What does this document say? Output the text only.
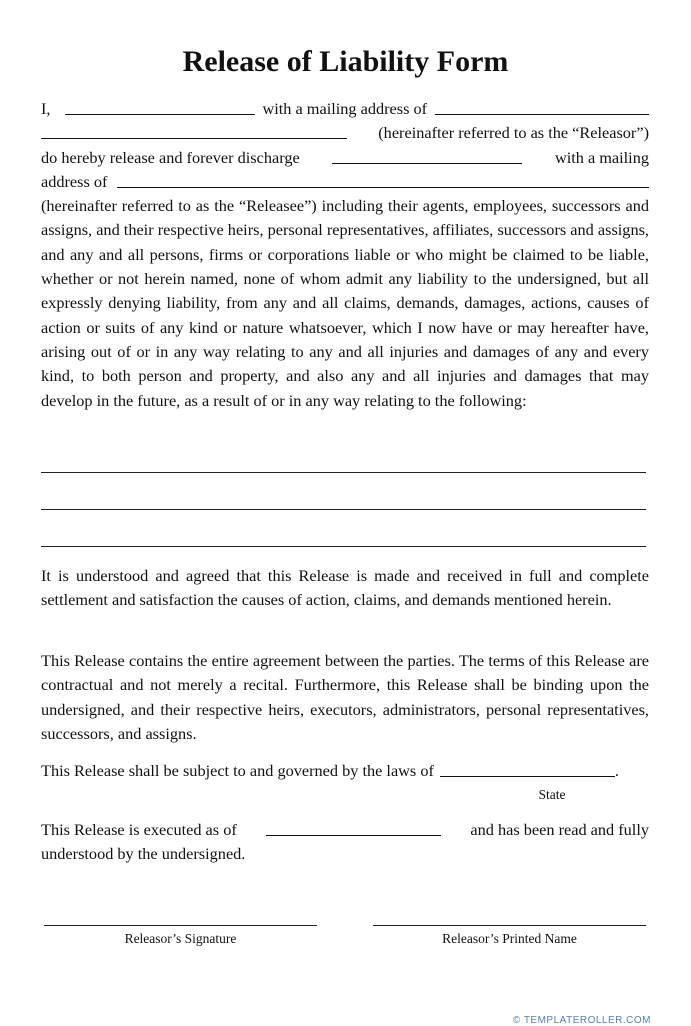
Release of Liability Form
I,	with a mailing address of
(hereinafter referred to as the “Releasor”)
do hereby release and forever discharge	with a mailing
address of
(hereinafter referred to as the “Releasee”) including their agents, employees, successors and assigns, and their respective heirs, personal representatives, affiliates, successors and assigns, and any and all persons, firms or corporations liable or who might be claimed to be liable, whether or not herein named, none of whom admit any liability to the undersigned, but all expressly denying liability, from any and all claims, demands, damages, actions, causes of action or suits of any kind or nature whatsoever, which I now have or may hereafter have, arising out of or in any way relating to any and all injuries and damages of any and every kind, to both person and property, and also any and all injuries and damages that may develop in the future, as a result of or in any way relating to the following:
It is understood and agreed that this Release is made and received in full and complete settlement and satisfaction the causes of action, claims, and demands mentioned herein.
This Release contains the entire agreement between the parties. The terms of this Release are contractual and not merely a recital. Furthermore, this Release shall be binding upon the undersigned, and their respective heirs, executors, administrators, personal representatives, successors, and assigns.
This Release shall be subject to and governed by the laws of	.
State
This Release is executed as of	and has been read and fully
understood by the undersigned.
Releasor’s Signature	Releasor’s Printed Name
© TEMPLATEROLLER.COM
